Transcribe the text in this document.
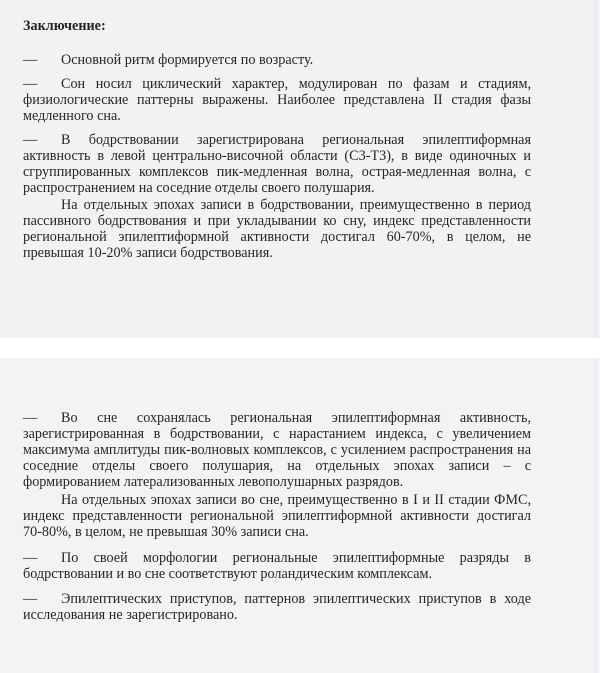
Заключение:

— Основной ритм формируется по возрасту.

— Сон носил циклический характер, модулирован по фазам и стадиям, физиологические паттерны выражены. Наиболее представлена II стадия фазы медленного сна.

— В бодрствовании зарегистрирована региональная эпилептиформная активность в левой центрально-височной области (C3-T3), в виде одиночных и сгруппированных комплексов пик-медленная волна, острая-медленная волна, с распространением на соседние отделы своего полушария.

На отдельных эпохах записи в бодрствовании, преимущественно в период пассивного бодрствования и при укладывании ко сну, индекс представленности региональной эпилептиформной активности достигал 60-70%, в целом, не превышая 10-20% записи бодрствования.

— Во сне сохранялась региональная эпилептиформная активность, зарегистрированная в бодрствовании, с нарастанием индекса, с увеличением максимума амплитуды пик-волновых комплексов, с усилением распространения на соседние отделы своего полушария, на отдельных эпохах записи – с формированием латерализованных левополушарных разрядов.

На отдельных эпохах записи во сне, преимущественно в I и II стадии ФМС, индекс представленности региональной эпилептиформной активности достигал 70-80%, в целом, не превышая 30% записи сна.

— По своей морфологии региональные эпилептиформные разряды в бодрствовании и во сне соответствуют роландическим комплексам.

— Эпилептических приступов, паттернов эпилептических приступов в ходе исследования не зарегистрировано.
